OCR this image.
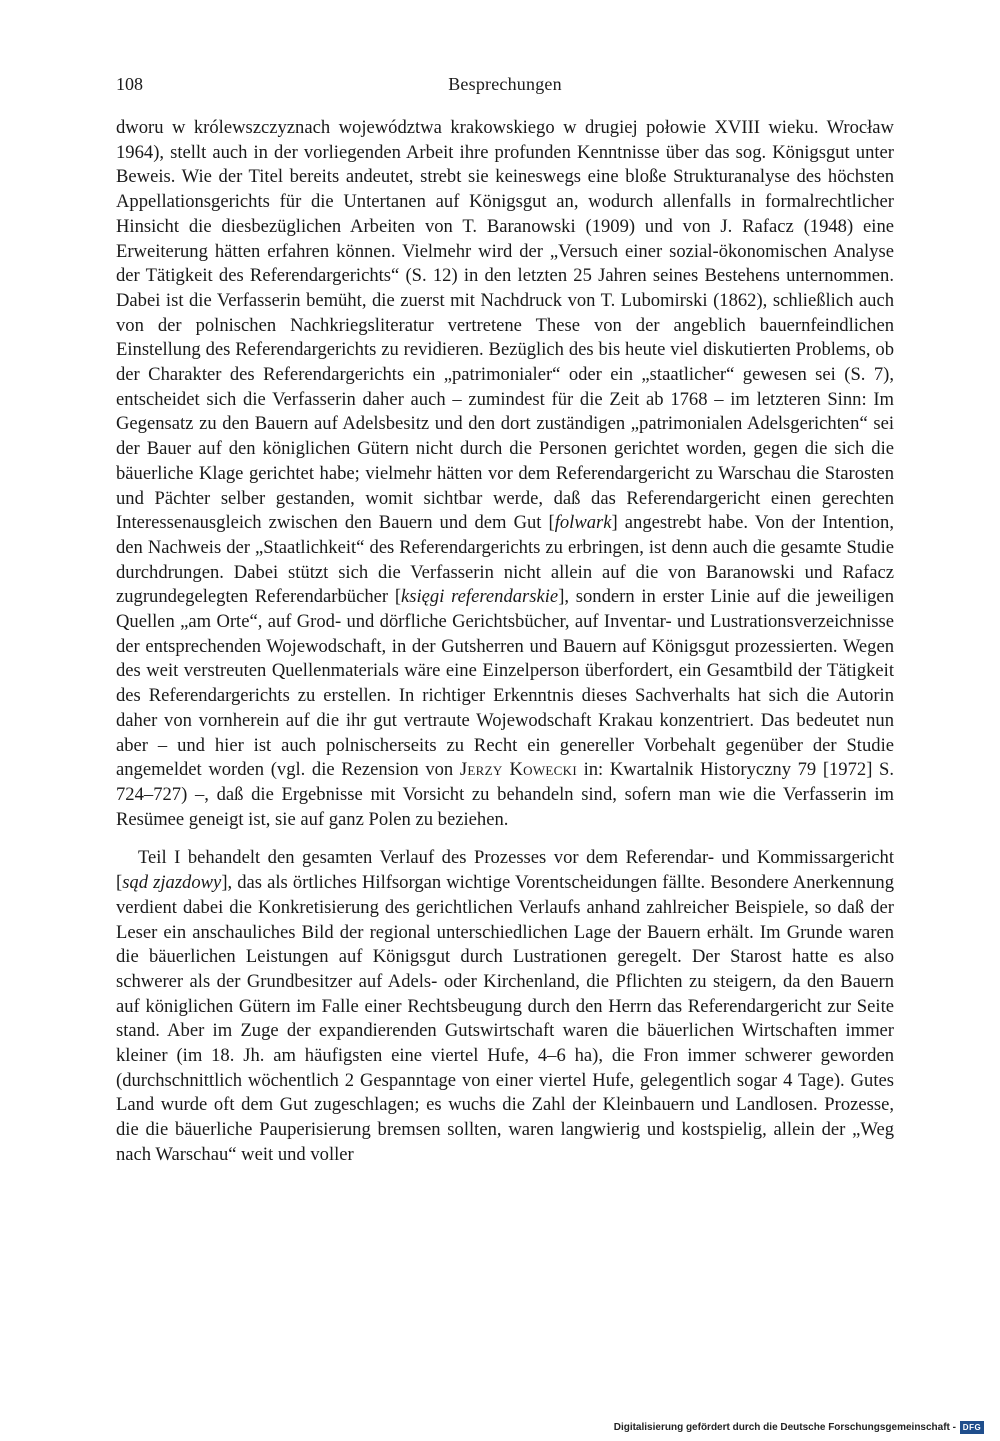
108	Besprechungen

dworu w królewszczyznach województwa krakowskiego w drugiej połowie XVIII wieku. Wrocław 1964), stellt auch in der vorliegenden Arbeit ihre profunden Kenntnisse über das sog. Königsgut unter Beweis. Wie der Titel bereits andeutet, strebt sie keineswegs eine bloße Strukturanalyse des höchsten Appellationsgerichts für die Untertanen auf Königsgut an, wodurch allenfalls in formalrechtlicher Hinsicht die diesbezüglichen Arbeiten von T. Baranowski (1909) und von J. Rafacz (1948) eine Erweiterung hätten erfahren können. Vielmehr wird der „Versuch einer sozial-ökonomischen Analyse der Tätigkeit des Referendargerichts“ (S. 12) in den letzten 25 Jahren seines Bestehens unternommen. Dabei ist die Verfasserin bemüht, die zuerst mit Nachdruck von T. Lubomirski (1862), schließlich auch von der polnischen Nachkriegsliteratur vertretene These von der angeblich bauernfeindlichen Einstellung des Referendargerichts zu revidieren. Bezüglich des bis heute viel diskutierten Problems, ob der Charakter des Referendargerichts ein „patrimonialer“ oder ein „staatlicher“ gewesen sei (S. 7), entscheidet sich die Verfasserin daher auch – zumindest für die Zeit ab 1768 – im letzteren Sinn: Im Gegensatz zu den Bauern auf Adelsbesitz und den dort zuständigen „patrimonialen Adelsgerichten“ sei der Bauer auf den königlichen Gütern nicht durch die Personen gerichtet worden, gegen die sich die bäuerliche Klage gerichtet habe; vielmehr hätten vor dem Referendargericht zu Warschau die Starosten und Pächter selber gestanden, womit sichtbar werde, daß das Referendargericht einen gerechten Interessenausgleich zwischen den Bauern und dem Gut [folwark] angestrebt habe. Von der Intention, den Nachweis der „Staatlichkeit“ des Referendargerichts zu erbringen, ist denn auch die gesamte Studie durchdrungen. Dabei stützt sich die Verfasserin nicht allein auf die von Baranowski und Rafacz zugrundegelegten Referendarbücher [księgi referendarskie], sondern in erster Linie auf die jeweiligen Quellen „am Orte“, auf Grod- und dörfliche Gerichtsbücher, auf Inventar- und Lustrationsverzeichnisse der entsprechenden Wojewodschaft, in der Gutsherren und Bauern auf Königsgut prozessierten. Wegen des weit verstreuten Quellenmaterials wäre eine Einzelperson überfordert, ein Gesamtbild der Tätigkeit des Referendargerichts zu erstellen. In richtiger Erkenntnis dieses Sachverhalts hat sich die Autorin daher von vornherein auf die ihr gut vertraute Wojewodschaft Krakau konzentriert. Das bedeutet nun aber – und hier ist auch polnischerseits zu Recht ein genereller Vorbehalt gegenüber der Studie angemeldet worden (vgl. die Rezension von Jerzy Kowecki in: Kwartalnik Historyczny 79 [1972] S. 724–727) –, daß die Ergebnisse mit Vorsicht zu behandeln sind, sofern man wie die Verfasserin im Resümee geneigt ist, sie auf ganz Polen zu beziehen.

Teil I behandelt den gesamten Verlauf des Prozesses vor dem Referendar- und Kommissargericht [sąd zjazdowy], das als örtliches Hilfsorgan wichtige Vorentscheidungen fällte. Besondere Anerkennung verdient dabei die Konkretisierung des gerichtlichen Verlaufs anhand zahlreicher Beispiele, so daß der Leser ein anschauliches Bild der regional unterschiedlichen Lage der Bauern erhält. Im Grunde waren die bäuerlichen Leistungen auf Königsgut durch Lustrationen geregelt. Der Starost hatte es also schwerer als der Grundbesitzer auf Adels- oder Kirchenland, die Pflichten zu steigern, da den Bauern auf königlichen Gütern im Falle einer Rechtsbeugung durch den Herrn das Referendargericht zur Seite stand. Aber im Zuge der expandierenden Gutswirtschaft waren die bäuerlichen Wirtschaften immer kleiner (im 18. Jh. am häufigsten eine viertel Hufe, 4–6 ha), die Fron immer schwerer geworden (durchschnittlich wöchentlich 2 Gespanntage von einer viertel Hufe, gelegentlich sogar 4 Tage). Gutes Land wurde oft dem Gut zugeschlagen; es wuchs die Zahl der Kleinbauern und Landlosen. Prozesse, die die bäuerliche Pauperisierung bremsen sollten, waren langwierig und kostspielig, allein der „Weg nach Warschau“ weit und voller

Digitalisierung gefördert durch die Deutsche Forschungsgemeinschaft - DFG
